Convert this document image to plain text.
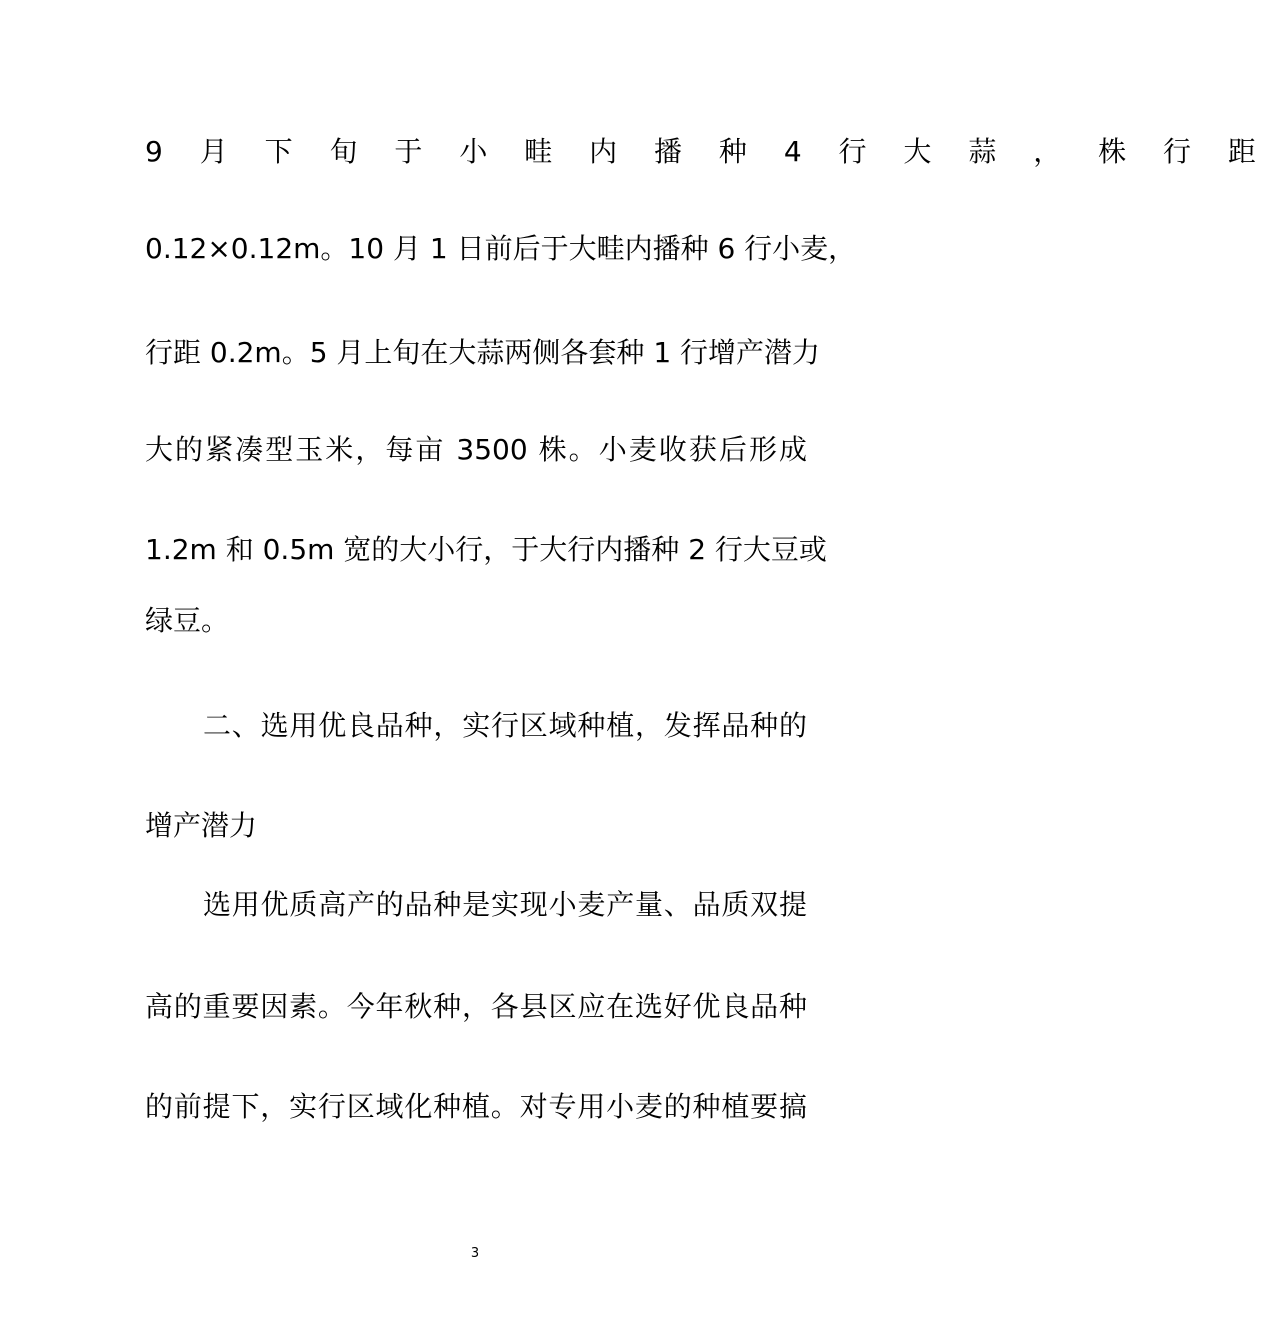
9 月 下 旬 于 小 畦 内 播 种 4 行 大 蒜 ， 株 行 距
0.12×0.12m。10 月 1 日前后于大畦内播种 6 行小麦，
行距 0.2m。5 月上旬在大蒜两侧各套种 1 行增产潜力
大的紧凑型玉米，每亩 3500 株。小麦收获后形成
1.2m 和 0.5m 宽的大小行，于大行内播种 2 行大豆或
绿豆。
二、选用优良品种，实行区域种植，发挥品种的
增产潜力
选用优质高产的品种是实现小麦产量、品质双提
高的重要因素。今年秋种，各县区应在选好优良品种
的前提下，实行区域化种植。对专用小麦的种植要搞
3
